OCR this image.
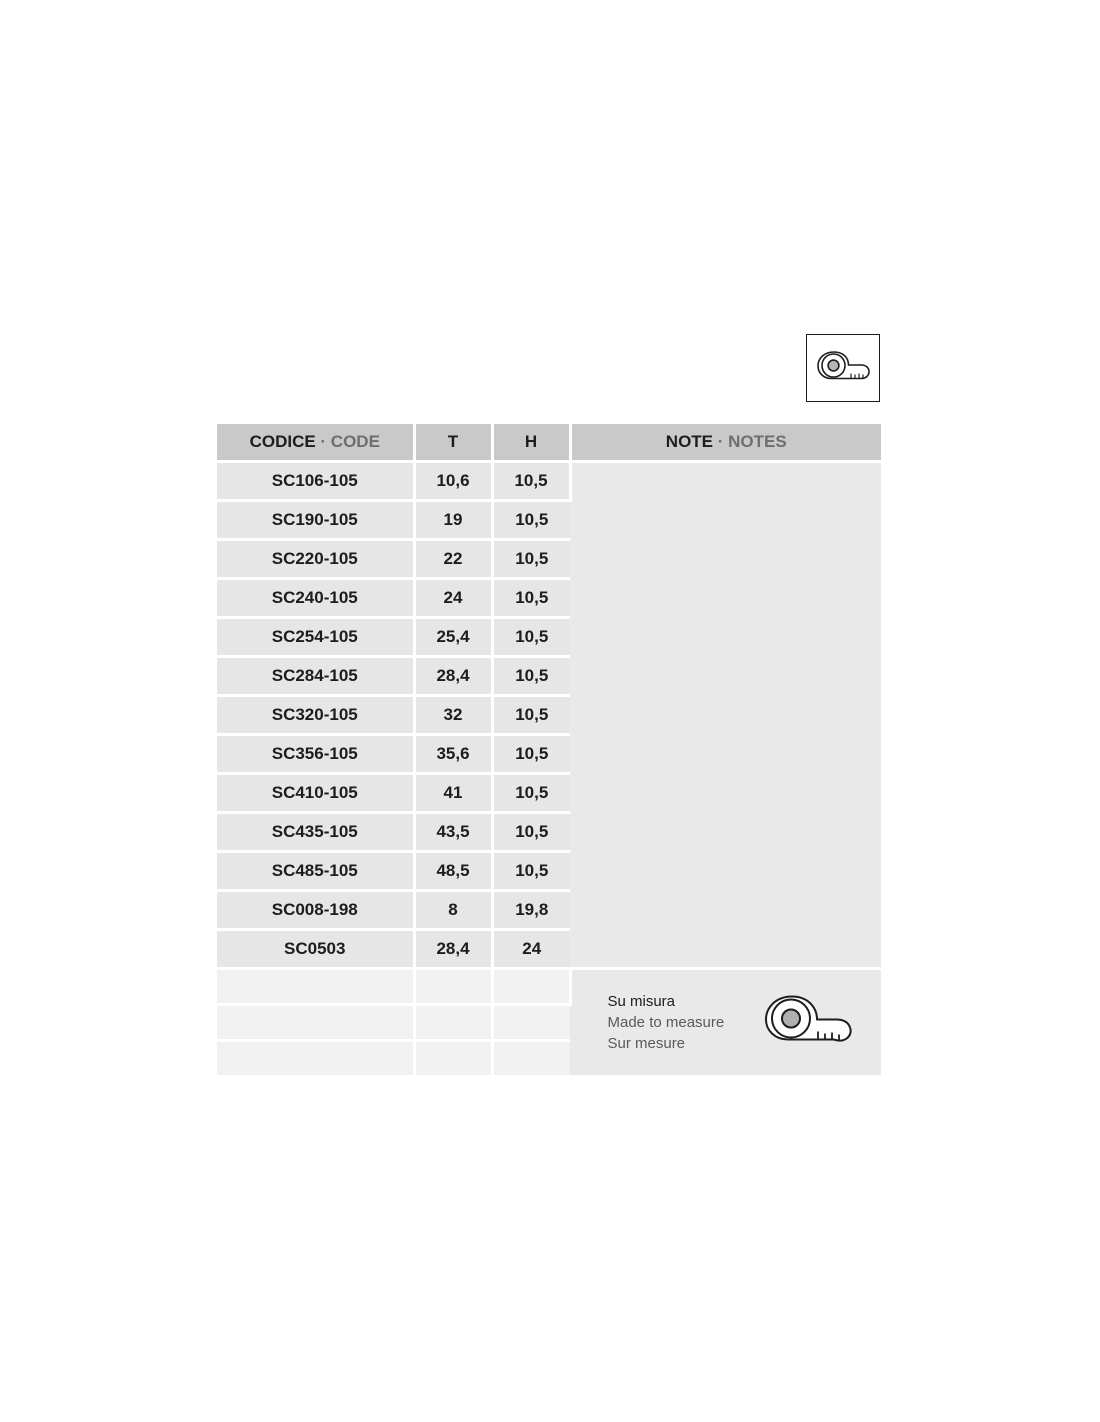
CODICE · CODE	T	H	NOTE · NOTES
SC106-105	10,6	10,5	
SC190-105	19	10,5	
SC220-105	22	10,5	
SC240-105	24	10,5	
SC254-105	25,4	10,5	
SC284-105	28,4	10,5	
SC320-105	32	10,5	
SC356-105	35,6	10,5	
SC410-105	41	10,5	
SC435-105	43,5	10,5	
SC485-105	48,5	10,5	
SC008-198	8	19,8	
SC0503	28,4	24	

			Su misura
Made to measure
Sur mesure
